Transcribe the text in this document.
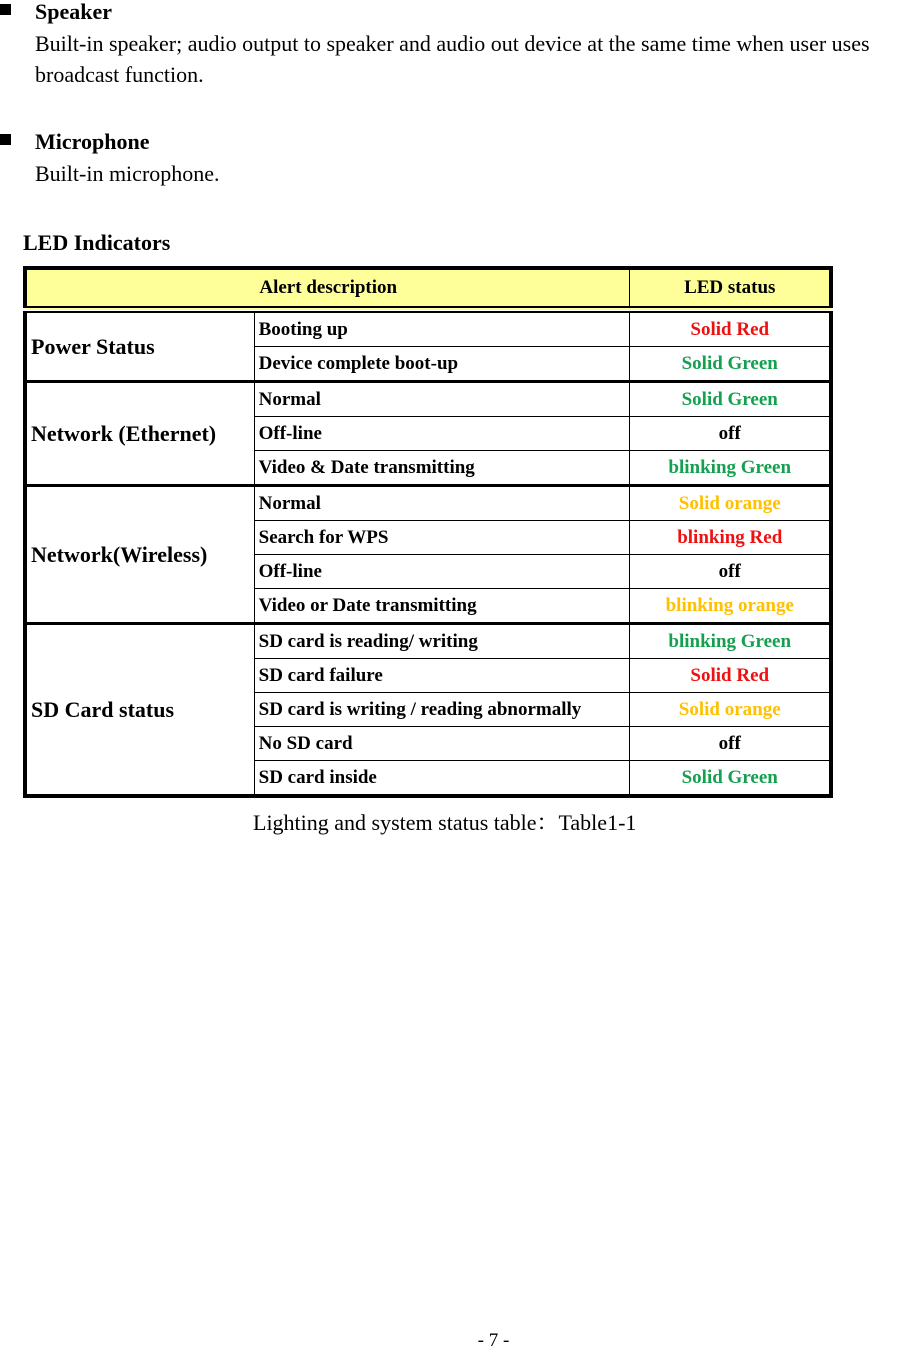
Speaker
Built-in speaker; audio output to speaker and audio out device at the same time when user uses broadcast function.
Microphone
Built-in microphone.
LED Indicators
Alert description		LED status
Power Status	Booting up	Solid Red
	Device complete boot-up	Solid Green
Network (Ethernet)	Normal	Solid Green
	Off-line	off
	Video & Date transmitting	blinking Green
Network(Wireless)	Normal	Solid orange
	Search for WPS	blinking Red
	Off-line	off
	Video or Date transmitting	blinking orange
SD Card status	SD card is reading/ writing	blinking Green
	SD card failure	Solid Red
	SD card is writing / reading abnormally	Solid orange
	No SD card	off
	SD card inside	Solid Green
Lighting and system status table：Table1-1
- 7 -
